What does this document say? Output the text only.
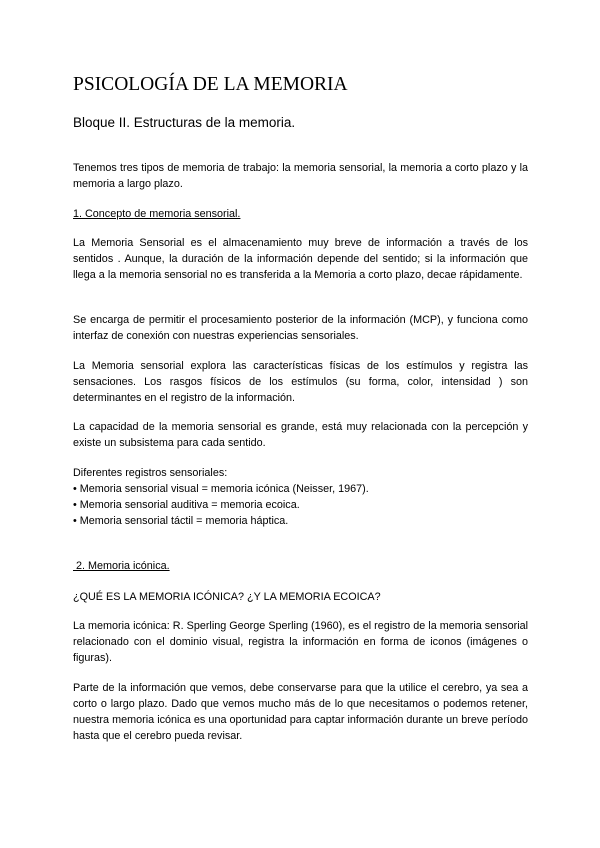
PSICOLOGÍA DE LA MEMORIA
Bloque II. Estructuras de la memoria.

Tenemos tres tipos de memoria de trabajo: la memoria sensorial, la memoria a corto plazo y la memoria a largo plazo.

1. Concepto de memoria sensorial.

La Memoria Sensorial es el almacenamiento muy breve de información a través de los sentidos . Aunque, la duración de la información depende del sentido; si la información que llega a la memoria sensorial no es transferida a la Memoria a corto plazo, decae rápidamente.

Se encarga de permitir el procesamiento posterior de la información (MCP), y funciona como interfaz de conexión con nuestras experiencias sensoriales.

La Memoria sensorial explora las características físicas de los estímulos y registra las sensaciones. Los rasgos físicos de los estímulos (su forma, color, intensidad ) son determinantes en el registro de la información.

La capacidad de la memoria sensorial es grande, está muy relacionada con la percepción y existe un subsistema para cada sentido.

Diferentes registros sensoriales:
• Memoria sensorial visual = memoria icónica (Neisser, 1967).
• Memoria sensorial auditiva = memoria ecoica.
• Memoria sensorial táctil = memoria háptica.
2. Memoria icónica.
¿QUÉ ES LA MEMORIA ICÓNICA? ¿Y LA MEMORIA ECOICA?

La memoria icónica: R. Sperling George Sperling (1960), es el registro de la memoria sensorial relacionado con el dominio visual, registra la información en forma de iconos (imágenes o figuras).

Parte de la información que vemos, debe conservarse para que la utilice el cerebro, ya sea a corto o largo plazo. Dado que vemos mucho más de lo que necesitamos o podemos retener, nuestra memoria icónica es una oportunidad para captar información durante un breve período hasta que el cerebro pueda revisar.
